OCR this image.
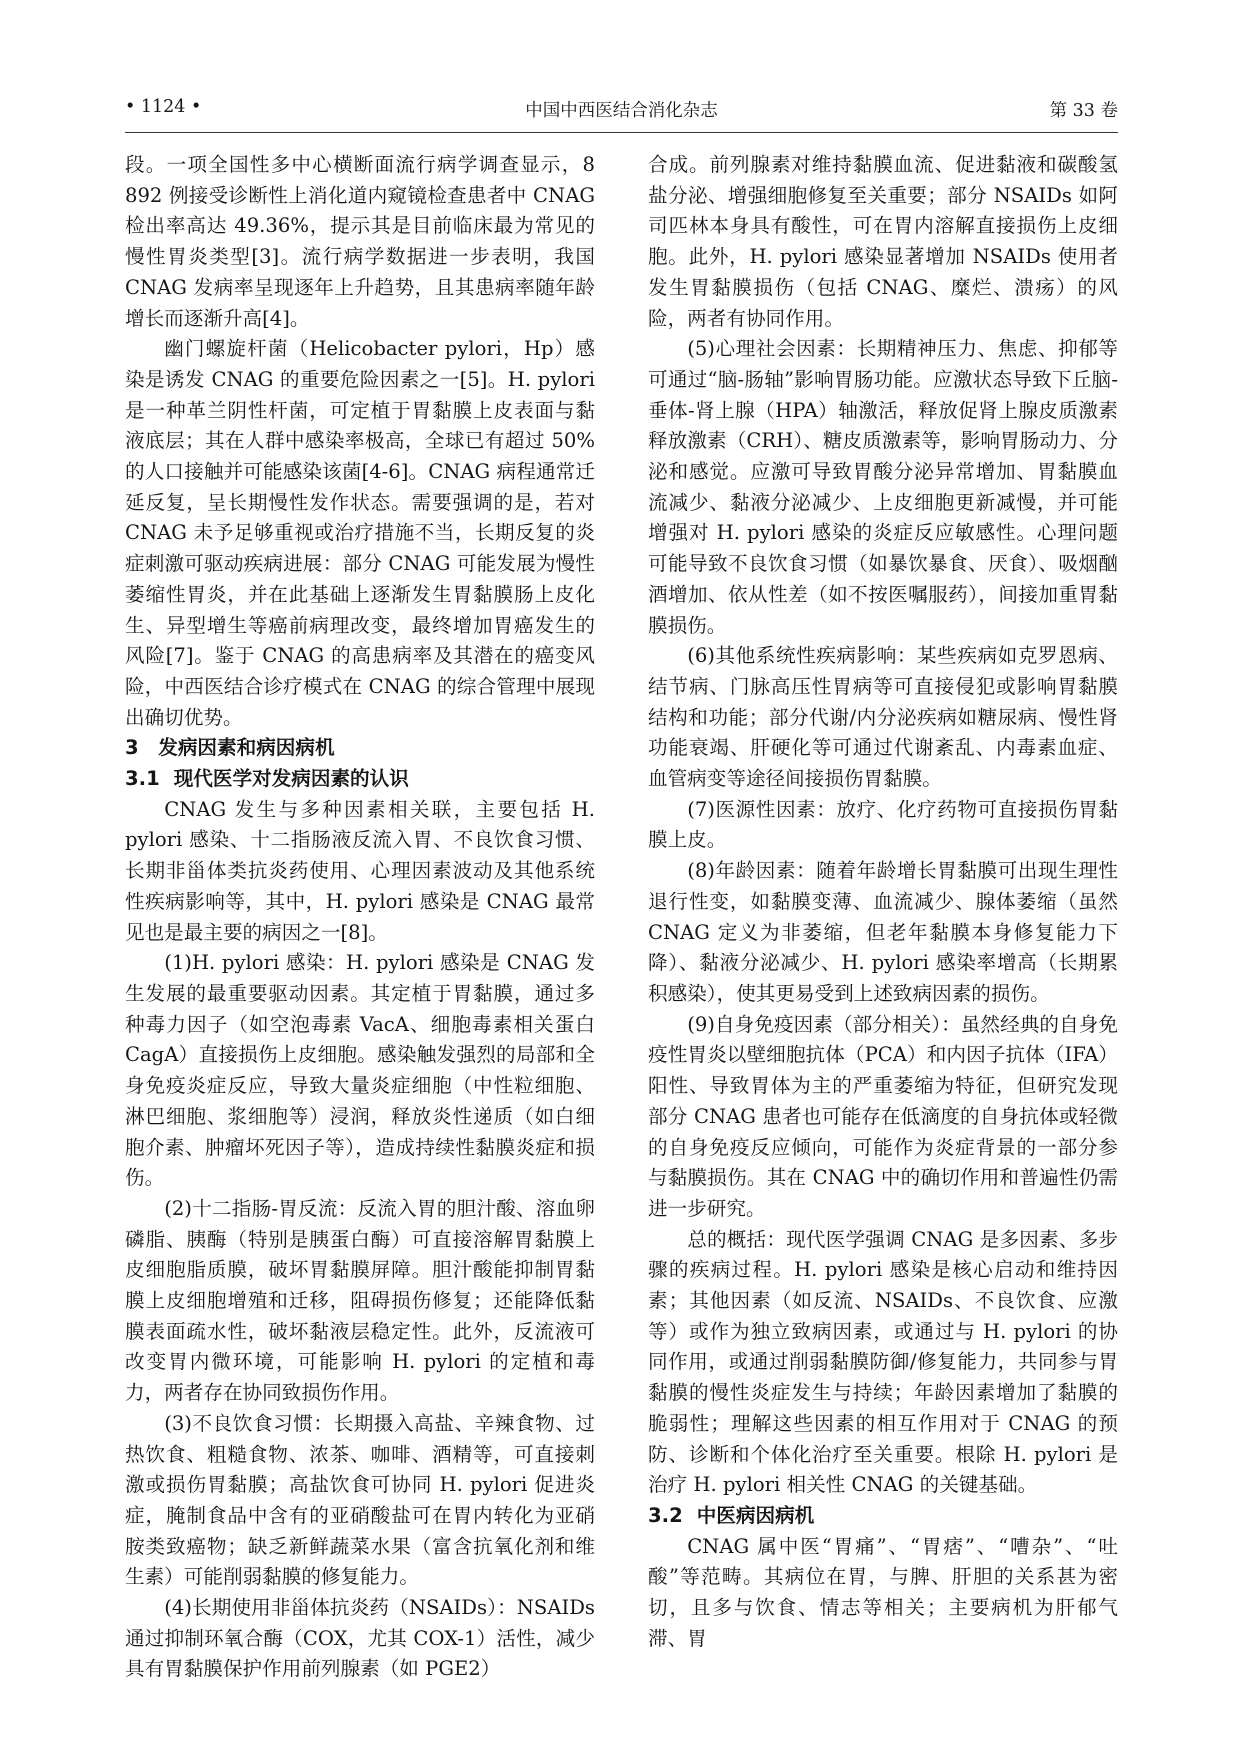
• 1124 •	中国中西医结合消化杂志	第 33 卷

段。一项全国性多中心横断面流行病学调查显示，8 892 例接受诊断性上消化道内窥镜检查患者中 CNAG 检出率高达 49.36%，提示其是目前临床最为常见的慢性胃炎类型[3]。流行病学数据进一步表明，我国 CNAG 发病率呈现逐年上升趋势，且其患病率随年龄增长而逐渐升高[4]。

幽门螺旋杆菌（Helicobacter pylori，Hp）感染是诱发 CNAG 的重要危险因素之一[5]。H. pylori 是一种革兰阴性杆菌，可定植于胃黏膜上皮表面与黏液底层；其在人群中感染率极高，全球已有超过 50% 的人口接触并可能感染该菌[4-6]。CNAG 病程通常迁延反复，呈长期慢性发作状态。需要强调的是，若对 CNAG 未予足够重视或治疗措施不当，长期反复的炎症刺激可驱动疾病进展：部分 CNAG 可能发展为慢性萎缩性胃炎，并在此基础上逐渐发生胃黏膜肠上皮化生、异型增生等癌前病理改变，最终增加胃癌发生的风险[7]。鉴于 CNAG 的高患病率及其潜在的癌变风险，中西医结合诊疗模式在 CNAG 的综合管理中展现出确切优势。

3　发病因素和病因病机
3.1 现代医学对发病因素的认识

CNAG 发生与多种因素相关联，主要包括 H. pylori 感染、十二指肠液反流入胃、不良饮食习惯、长期非甾体类抗炎药使用、心理因素波动及其他系统性疾病影响等，其中，H. pylori 感染是 CNAG 最常见也是最主要的病因之一[8]。

(1)H. pylori 感染：H. pylori 感染是 CNAG 发生发展的最重要驱动因素。其定植于胃黏膜，通过多种毒力因子（如空泡毒素 VacA、细胞毒素相关蛋白 CagA）直接损伤上皮细胞。感染触发强烈的局部和全身免疫炎症反应，导致大量炎症细胞（中性粒细胞、淋巴细胞、浆细胞等）浸润，释放炎性递质（如白细胞介素、肿瘤坏死因子等），造成持续性黏膜炎症和损伤。

(2)十二指肠-胃反流：反流入胃的胆汁酸、溶血卵磷脂、胰酶（特别是胰蛋白酶）可直接溶解胃黏膜上皮细胞脂质膜，破坏胃黏膜屏障。胆汁酸能抑制胃黏膜上皮细胞增殖和迁移，阻碍损伤修复；还能降低黏膜表面疏水性，破坏黏液层稳定性。此外，反流液可改变胃内微环境，可能影响 H. pylori 的定植和毒力，两者存在协同致损伤作用。

(3)不良饮食习惯：长期摄入高盐、辛辣食物、过热饮食、粗糙食物、浓茶、咖啡、酒精等，可直接刺激或损伤胃黏膜；高盐饮食可协同 H. pylori 促进炎症，腌制食品中含有的亚硝酸盐可在胃内转化为亚硝胺类致癌物；缺乏新鲜蔬菜水果（富含抗氧化剂和维生素）可能削弱黏膜的修复能力。

(4)长期使用非甾体抗炎药（NSAIDs）：NSAIDs 通过抑制环氧合酶（COX，尤其 COX-1）活性，减少具有胃黏膜保护作用前列腺素（如 PGE2）

合成。前列腺素对维持黏膜血流、促进黏液和碳酸氢盐分泌、增强细胞修复至关重要；部分 NSAIDs 如阿司匹林本身具有酸性，可在胃内溶解直接损伤上皮细胞。此外，H. pylori 感染显著增加 NSAIDs 使用者发生胃黏膜损伤（包括 CNAG、糜烂、溃疡）的风险，两者有协同作用。

(5)心理社会因素：长期精神压力、焦虑、抑郁等可通过“脑-肠轴”影响胃肠功能。应激状态导致下丘脑-垂体-肾上腺（HPA）轴激活，释放促肾上腺皮质激素释放激素（CRH）、糖皮质激素等，影响胃肠动力、分泌和感觉。应激可导致胃酸分泌异常增加、胃黏膜血流减少、黏液分泌减少、上皮细胞更新减慢，并可能增强对 H. pylori 感染的炎症反应敏感性。心理问题可能导致不良饮食习惯（如暴饮暴食、厌食）、吸烟酗酒增加、依从性差（如不按医嘱服药），间接加重胃黏膜损伤。

(6)其他系统性疾病影响：某些疾病如克罗恩病、结节病、门脉高压性胃病等可直接侵犯或影响胃黏膜结构和功能；部分代谢/内分泌疾病如糖尿病、慢性肾功能衰竭、肝硬化等可通过代谢紊乱、内毒素血症、血管病变等途径间接损伤胃黏膜。

(7)医源性因素：放疗、化疗药物可直接损伤胃黏膜上皮。

(8)年龄因素：随着年龄增长胃黏膜可出现生理性退行性变，如黏膜变薄、血流减少、腺体萎缩（虽然 CNAG 定义为非萎缩，但老年黏膜本身修复能力下降）、黏液分泌减少、H. pylori 感染率增高（长期累积感染），使其更易受到上述致病因素的损伤。

(9)自身免疫因素（部分相关）：虽然经典的自身免疫性胃炎以壁细胞抗体（PCA）和内因子抗体（IFA）阳性、导致胃体为主的严重萎缩为特征，但研究发现部分 CNAG 患者也可能存在低滴度的自身抗体或轻微的自身免疫反应倾向，可能作为炎症背景的一部分参与黏膜损伤。其在 CNAG 中的确切作用和普遍性仍需进一步研究。

总的概括：现代医学强调 CNAG 是多因素、多步骤的疾病过程。H. pylori 感染是核心启动和维持因素；其他因素（如反流、NSAIDs、不良饮食、应激等）或作为独立致病因素，或通过与 H. pylori 的协同作用，或通过削弱黏膜防御/修复能力，共同参与胃黏膜的慢性炎症发生与持续；年龄因素增加了黏膜的脆弱性；理解这些因素的相互作用对于 CNAG 的预防、诊断和个体化治疗至关重要。根除 H. pylori 是治疗 H. pylori 相关性 CNAG 的关键基础。

3.2 中医病因病机

CNAG 属中医“胃痛”、“胃痞”、“嘈杂”、“吐酸”等范畴。其病位在胃，与脾、肝胆的关系甚为密切，且多与饮食、情志等相关；主要病机为肝郁气滞、胃
